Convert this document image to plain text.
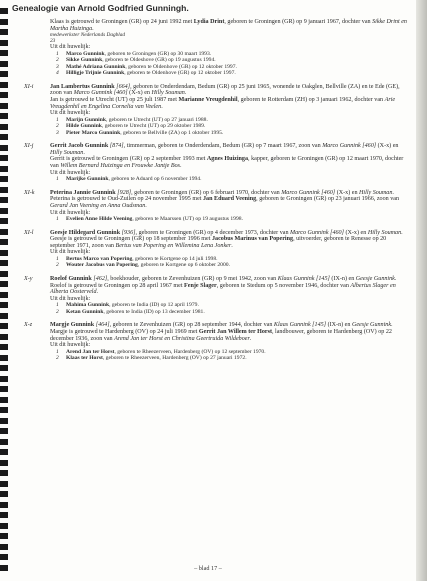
Genealogie van Arnold Godfried Gunningh.
Klaas is getrouwd te Groningen (GR) op 24 juni 1992 met Lydia Drint, geboren te Groningen (GR) op 9 januari 1967, dochter van Sikke Drint en Martha Huizinga.
medewerkster Nederlands Dagblad
23
Uit dit huwelijk:
1 Marco Gunnink, geboren te Groningen (GR) op 30 maart 1993.
2 Sikke Gunnink, geboren te Oldeshove (GR) op 19 augustus 1994.
3 Mathé Adriana Gunnink, geboren te Oldenhove (GR) op 12 oktober 1997.
4 Hilligje Trijnie Gunnink, geboren te Oldenhove (GR) op 12 oktober 1997.
XI-i	Jan Lambertus Gunnink [664], geboren te Onderdendam, Bedum (GR) op 25 juni 1965, wonende te Oakglen, Bellville (ZA) en te Ede (GE), zoon van Marco Gunnink [460] (X-x) en Hilly Souman.
Jan is getrouwd te Utrecht (UT) op 25 juli 1987 met Marianne Vreugdenhil, geboren te Rotterdam (ZH) op 3 januari 1962, dochter van Arie Vreugdenhil en Engelina Cornelia van Veelen.
Uit dit huwelijk:
1 Marijn Gunnink, geboren te Utrecht (UT) op 27 januari 1988.
2 Hilde Gunnink, geboren te Utrecht (UT) op 29 oktober 1989.
3 Pieter Marco Gunnink, geboren te Bellville (ZA) op 1 oktober 1995.
XI-j	Gerrit Jacob Gunnink [874], timmerman, geboren te Onderdendam, Bedum (GR) op 7 maart 1967, zoon van Marco Gunnink [460] (X-x) en Hilly Souman.
Gerrit is getrouwd te Groningen (GR) op 2 september 1993 met Agnes Huizinga, kapper, geboren te Groningen (GR) op 12 maart 1970, dochter van Willem Bernard Huizinga en Frouwke Jantje Bos.
Uit dit huwelijk:
1 Marijke Gunnink, geboren te Aduard op 6 november 1994.
XI-k	Peterina Jannie Gunnink [928], geboren te Groningen (GR) op 6 februari 1970, dochter van Marco Gunnink [460] (X-x) en Hilly Souman.
Peterina is getrouwd te Oud-Zuilen op 24 november 1995 met Jan Eduard Veening, geboren te Groningen (GR) op 23 januari 1966, zoon van Gerard Jan Veening en Anna Oudsman.
Uit dit huwelijk:
1 Evelien Anne Hilde Veening, geboren te Maarssen (UT) op 19 augustus 1998.
XI-l	Geesje Hildegard Gunnink [936], geboren te Groningen (GR) op 4 december 1973, dochter van Marco Gunnink [460] (X-x) en Hilly Souman.
Geesje is getrouwd te Groningen (GR) op 18 september 1996 met Jacobus Marinus van Popering, uitvoerder, geboren te Renesse op 20 september 1971, zoon van Bertus van Popering en Willemina Lena Jonker.
Uit dit huwelijk:
1 Bertus Marco van Popering, geboren te Kortgene op 14 juli 1998.
2 Wouter Jacobus van Popering, geboren te Kortgene op 6 oktober 2000.
X-y	Roelof Gunnink [462], boekhouder, geboren te Zevenhuizen (GR) op 9 mei 1942, zoon van Klaas Gunnink [145] (IX-n) en Geesje Gunnink.
Roelof is getrouwd te Groningen op 28 april 1967 met Fenje Slager, geboren te Stedum op 5 november 1946, dochter van Albertus Slager en Alberta Oosterveld.
Uit dit huwelijk:
1 Mahima Gunnink, geboren te India (ID) op 12 april 1979.
2 Ketan Gunnink, geboren te India (ID) op 13 december 1981.
X-z	Margje Gunnink [464], geboren te Zevenhuizen (GR) op 28 september 1944, dochter van Klaas Gunnink [145] (IX-n) en Geesje Gunnink.
Margje is getrouwd te Hardenberg (OV) op 24 juli 1969 met Gerrit Jan Willem ter Horst, landbouwer, geboren te Hardenberg (OV) op 22 december 1936, zoon van Arend Jan ter Horst en Christina Geertruida Wildeboer.
Uit dit huwelijk:
1 Arend Jan ter Horst, geboren te Rheezerveen, Hardenberg (OV) op 12 september 1970.
2 Klaas ter Horst, geboren te Rheezerveen, Hardenberg (OV) op 27 januari 1972.
– blad 17 –
